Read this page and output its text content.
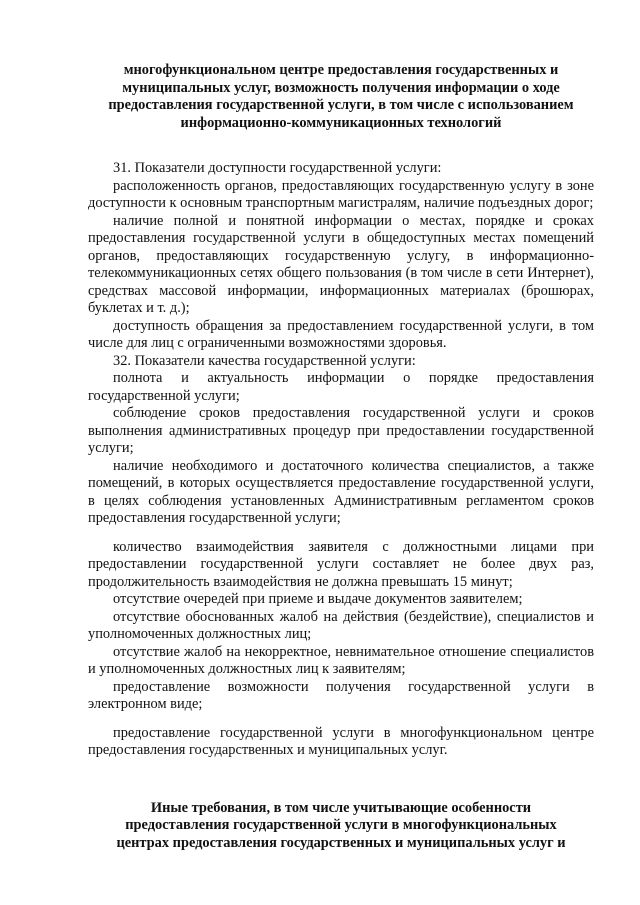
многофункциональном центре предоставления государственных и
муниципальных услуг, возможность получения информации о ходе
предоставления государственной услуги, в том числе с использованием
информационно-коммуникационных технологий

31. Показатели доступности государственной услуги:

расположенность органов, предоставляющих государственную услугу в зоне доступности к основным транспортным магистралям, наличие подъездных дорог;

наличие полной и понятной информации о местах, порядке и сроках предоставления государственной услуги в общедоступных местах помещений органов, предоставляющих государственную услугу, в информационно-телекоммуникационных сетях общего пользования (в том числе в сети Интернет), средствах массовой информации, информационных материалах (брошюрах, буклетах и т. д.);

доступность обращения за предоставлением государственной услуги, в том числе для лиц с ограниченными возможностями здоровья.

32. Показатели качества государственной услуги:

полнота и актуальность информации о порядке предоставления государственной услуги;

соблюдение сроков предоставления государственной услуги и сроков выполнения административных процедур при предоставлении государственной услуги;

наличие необходимого и достаточного количества специалистов, а также помещений, в которых осуществляется предоставление государственной услуги, в целях соблюдения установленных Административным регламентом сроков предоставления государственной услуги;

количество взаимодействия заявителя с должностными лицами при предоставлении государственной услуги составляет не более двух раз, продолжительность взаимодействия не должна превышать 15 минут;

отсутствие очередей при приеме и выдаче документов заявителем;

отсутствие обоснованных жалоб на действия (бездействие), специалистов и уполномоченных должностных лиц;

отсутствие жалоб на некорректное, невнимательное отношение специалистов и уполномоченных должностных лиц к заявителям;

предоставление возможности получения государственной услуги в электронном виде;

предоставление государственной услуги в многофункциональном центре предоставления государственных и муниципальных услуг.

Иные требования, в том числе учитывающие особенности
предоставления государственной услуги в многофункциональных
центрах предоставления государственных и муниципальных услуг и
